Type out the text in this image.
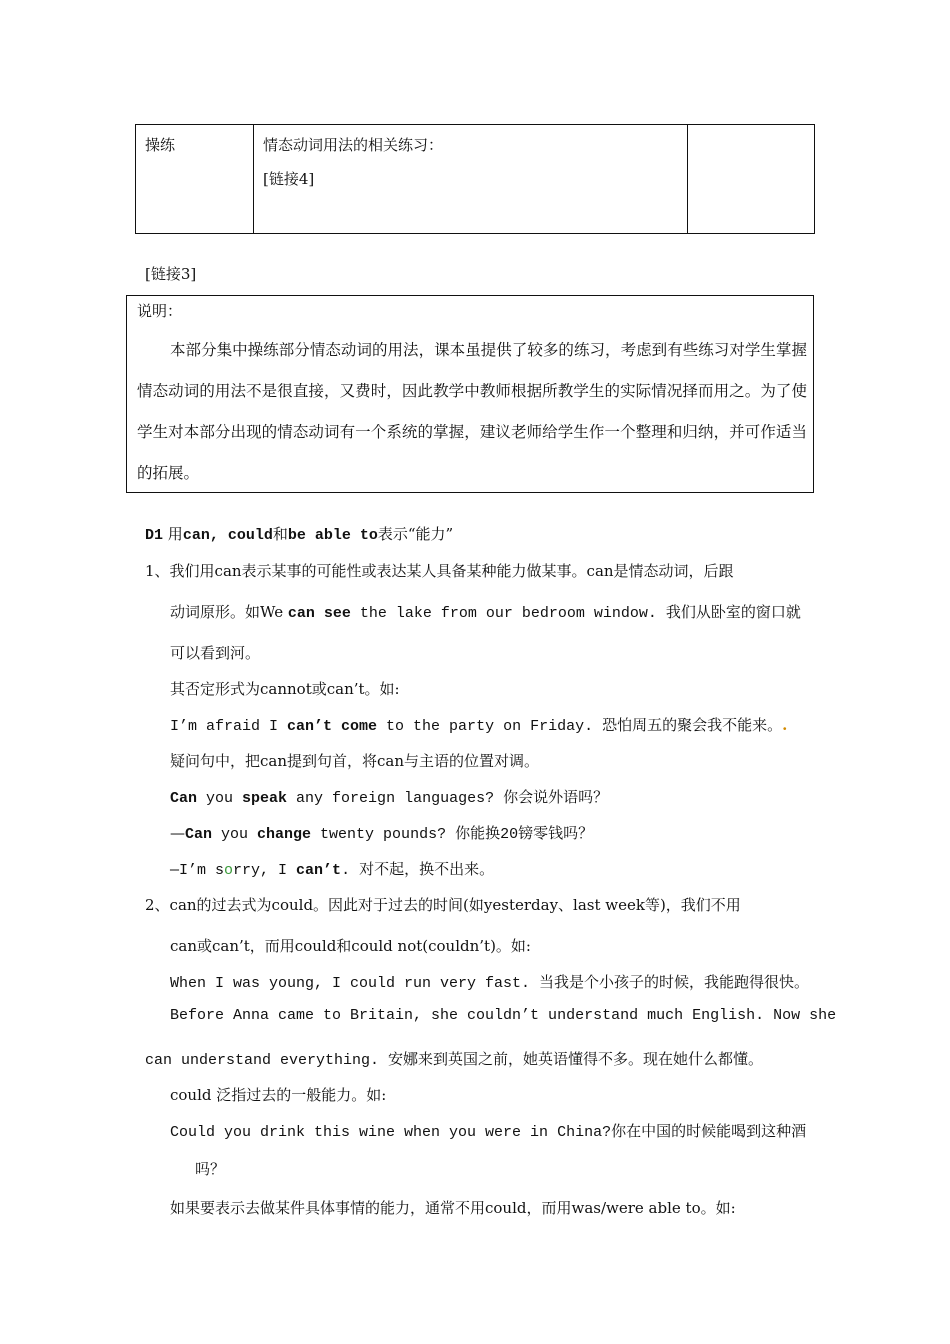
操练	情态动词用法的相关练习：
[链接4]

[链接3]
说明：
本部分集中操练部分情态动词的用法，课本虽提供了较多的练习，考虑到有些练习对学生掌握情态动词的用法不是很直接，又费时，因此教学中教师根据所教学生的实际情况择而用之。为了使学生对本部分出现的情态动词有一个系统的掌握，建议老师给学生作一个整理和归纳，并可作适当的拓展。
D1 用can, could和be able to表示“能力”
1、我们用can表示某事的可能性或表达某人具备某种能力做某事。can是情态动词，后跟
动词原形。如We can see the lake from our bedroom window. 我们从卧室的窗口就
可以看到河。
其否定形式为cannot或can’t。如:
I’m afraid I can’t come to the party on Friday. 恐怕周五的聚会我不能来。.
疑问句中，把can提到句首，将can与主语的位置对调。
Can you speak any foreign languages? 你会说外语吗？
—Can you change twenty pounds? 你能换20镑零钱吗？
—I’m sorry, I can’t. 对不起，换不出来。
2、can的过去式为could。因此对于过去的时间(如yesterday、last week等)，我们不用
can或can’t，而用could和could not(couldn’t)。如:
When I was young, I could run very fast. 当我是个小孩子的时候，我能跑得很快。
Before Anna came to Britain, she couldn’t understand much English. Now she
can understand everything. 安娜来到英国之前，她英语懂得不多。现在她什么都懂。
could 泛指过去的一般能力。如:
Could you drink this wine when you were in China?你在中国的时候能喝到这种酒
吗？
如果要表示去做某件具体事情的能力，通常不用could，而用was/were able to。如:
